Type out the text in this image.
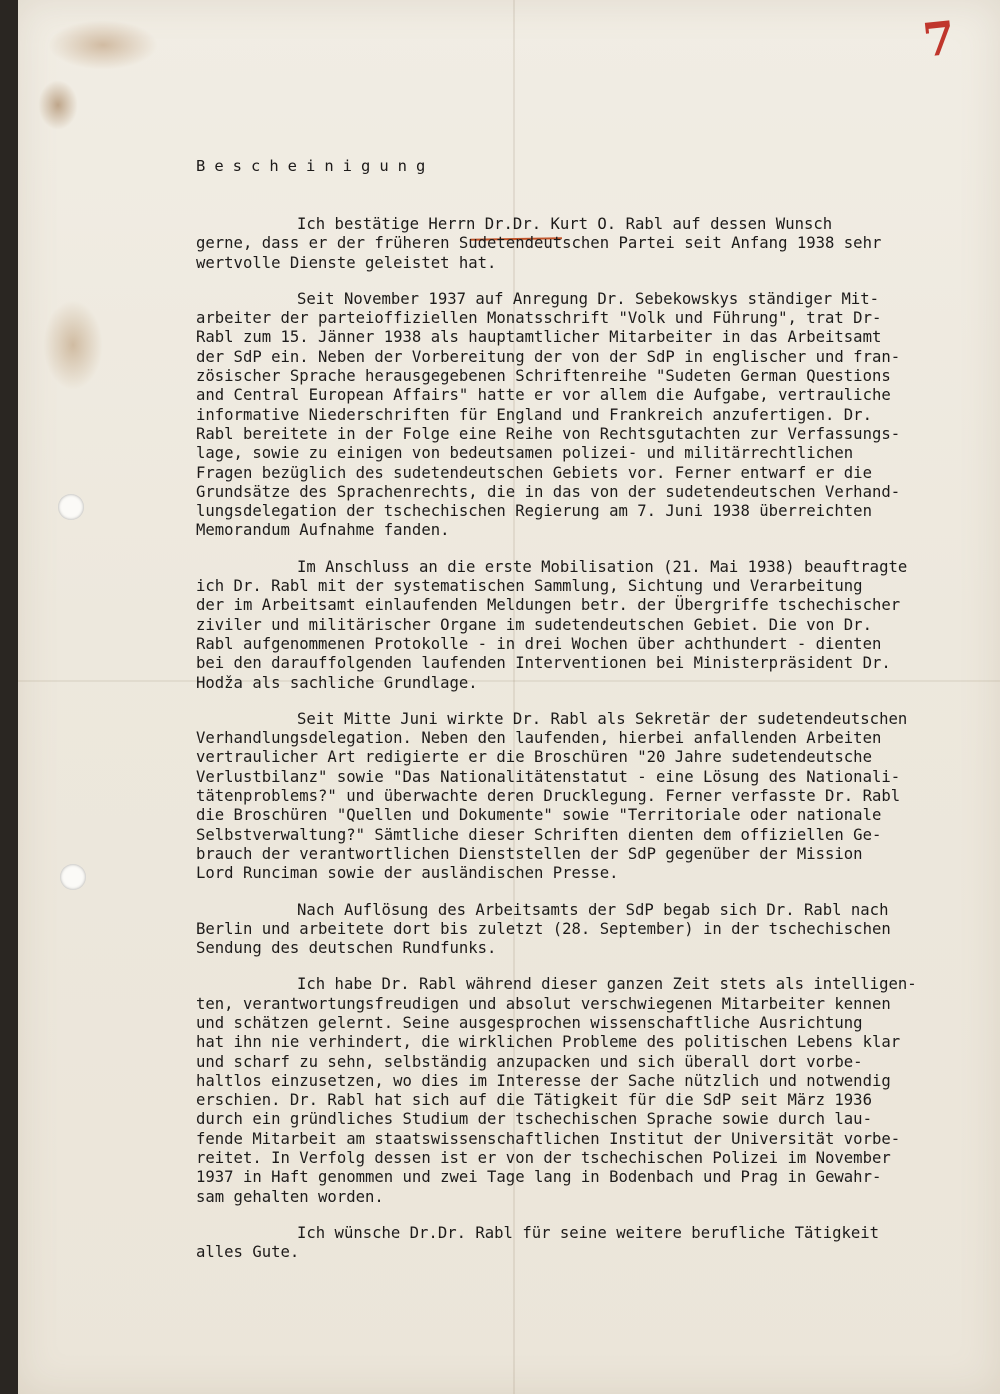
7
Bescheinigung
Ich bestätige Herrn Dr.Dr. Kurt O. Rabl auf dessen Wunsch
gerne, dass er der früheren Sudetendeutschen Partei seit Anfang 1938 sehr
wertvolle Dienste geleistet hat.
Seit November 1937 auf Anregung Dr. Sebekowskys ständiger Mit-
arbeiter der parteioffiziellen Monatsschrift "Volk und Führung", trat Dr-
Rabl zum 15. Jänner 1938 als hauptamtlicher Mitarbeiter in das Arbeitsamt
der SdP ein. Neben der Vorbereitung der von der SdP in englischer und fran-
zösischer Sprache herausgegebenen Schriftenreihe "Sudeten German Questions
and Central European Affairs" hatte er vor allem die Aufgabe, vertrauliche
informative Niederschriften für England und Frankreich anzufertigen. Dr.
Rabl bereitete in der Folge eine Reihe von Rechtsgutachten zur Verfassungs-
lage, sowie zu einigen von bedeutsamen polizei- und militärrechtlichen
Fragen bezüglich des sudetendeutschen Gebiets vor. Ferner entwarf er die
Grundsätze des Sprachenrechts, die in das von der sudetendeutschen Verhand-
lungsdelegation der tschechischen Regierung am 7. Juni 1938 überreichten
Memorandum Aufnahme fanden.
Im Anschluss an die erste Mobilisation (21. Mai 1938) beauftragte
ich Dr. Rabl mit der systematischen Sammlung, Sichtung und Verarbeitung
der im Arbeitsamt einlaufenden Meldungen betr. der Übergriffe tschechischer
ziviler und militärischer Organe im sudetendeutschen Gebiet. Die von Dr.
Rabl aufgenommenen Protokolle - in drei Wochen über achthundert - dienten
bei den darauffolgenden laufenden Interventionen bei Ministerpräsident Dr.
Hodža als sachliche Grundlage.
Seit Mitte Juni wirkte Dr. Rabl als Sekretär der sudetendeutschen
Verhandlungsdelegation. Neben den laufenden, hierbei anfallenden Arbeiten
vertraulicher Art redigierte er die Broschüren "20 Jahre sudetendeutsche
Verlustbilanz" sowie "Das Nationalitätenstatut - eine Lösung des Nationali-
tätenproblems?" und überwachte deren Drucklegung. Ferner verfasste Dr. Rabl
die Broschüren "Quellen und Dokumente" sowie "Territoriale oder nationale
Selbstverwaltung?" Sämtliche dieser Schriften dienten dem offiziellen Ge-
brauch der verantwortlichen Dienststellen der SdP gegenüber der Mission
Lord Runciman sowie der ausländischen Presse.
Nach Auflösung des Arbeitsamts der SdP begab sich Dr. Rabl nach
Berlin und arbeitete dort bis zuletzt (28. September) in der tschechischen
Sendung des deutschen Rundfunks.
Ich habe Dr. Rabl während dieser ganzen Zeit stets als intelligen-
ten, verantwortungsfreudigen und absolut verschwiegenen Mitarbeiter kennen
und schätzen gelernt. Seine ausgesprochen wissenschaftliche Ausrichtung
hat ihn nie verhindert, die wirklichen Probleme des politischen Lebens klar
und scharf zu sehn, selbständig anzupacken und sich überall dort vorbe-
haltlos einzusetzen, wo dies im Interesse der Sache nützlich und notwendig
erschien. Dr. Rabl hat sich auf die Tätigkeit für die SdP seit März 1936
durch ein gründliches Studium der tschechischen Sprache sowie durch lau-
fende Mitarbeit am staatswissenschaftlichen Institut der Universität vorbe-
reitet. In Verfolg dessen ist er von der tschechischen Polizei im November
1937 in Haft genommen und zwei Tage lang in Bodenbach und Prag in Gewahr-
sam gehalten worden.
Ich wünsche Dr.Dr. Rabl für seine weitere berufliche Tätigkeit
alles Gute.
